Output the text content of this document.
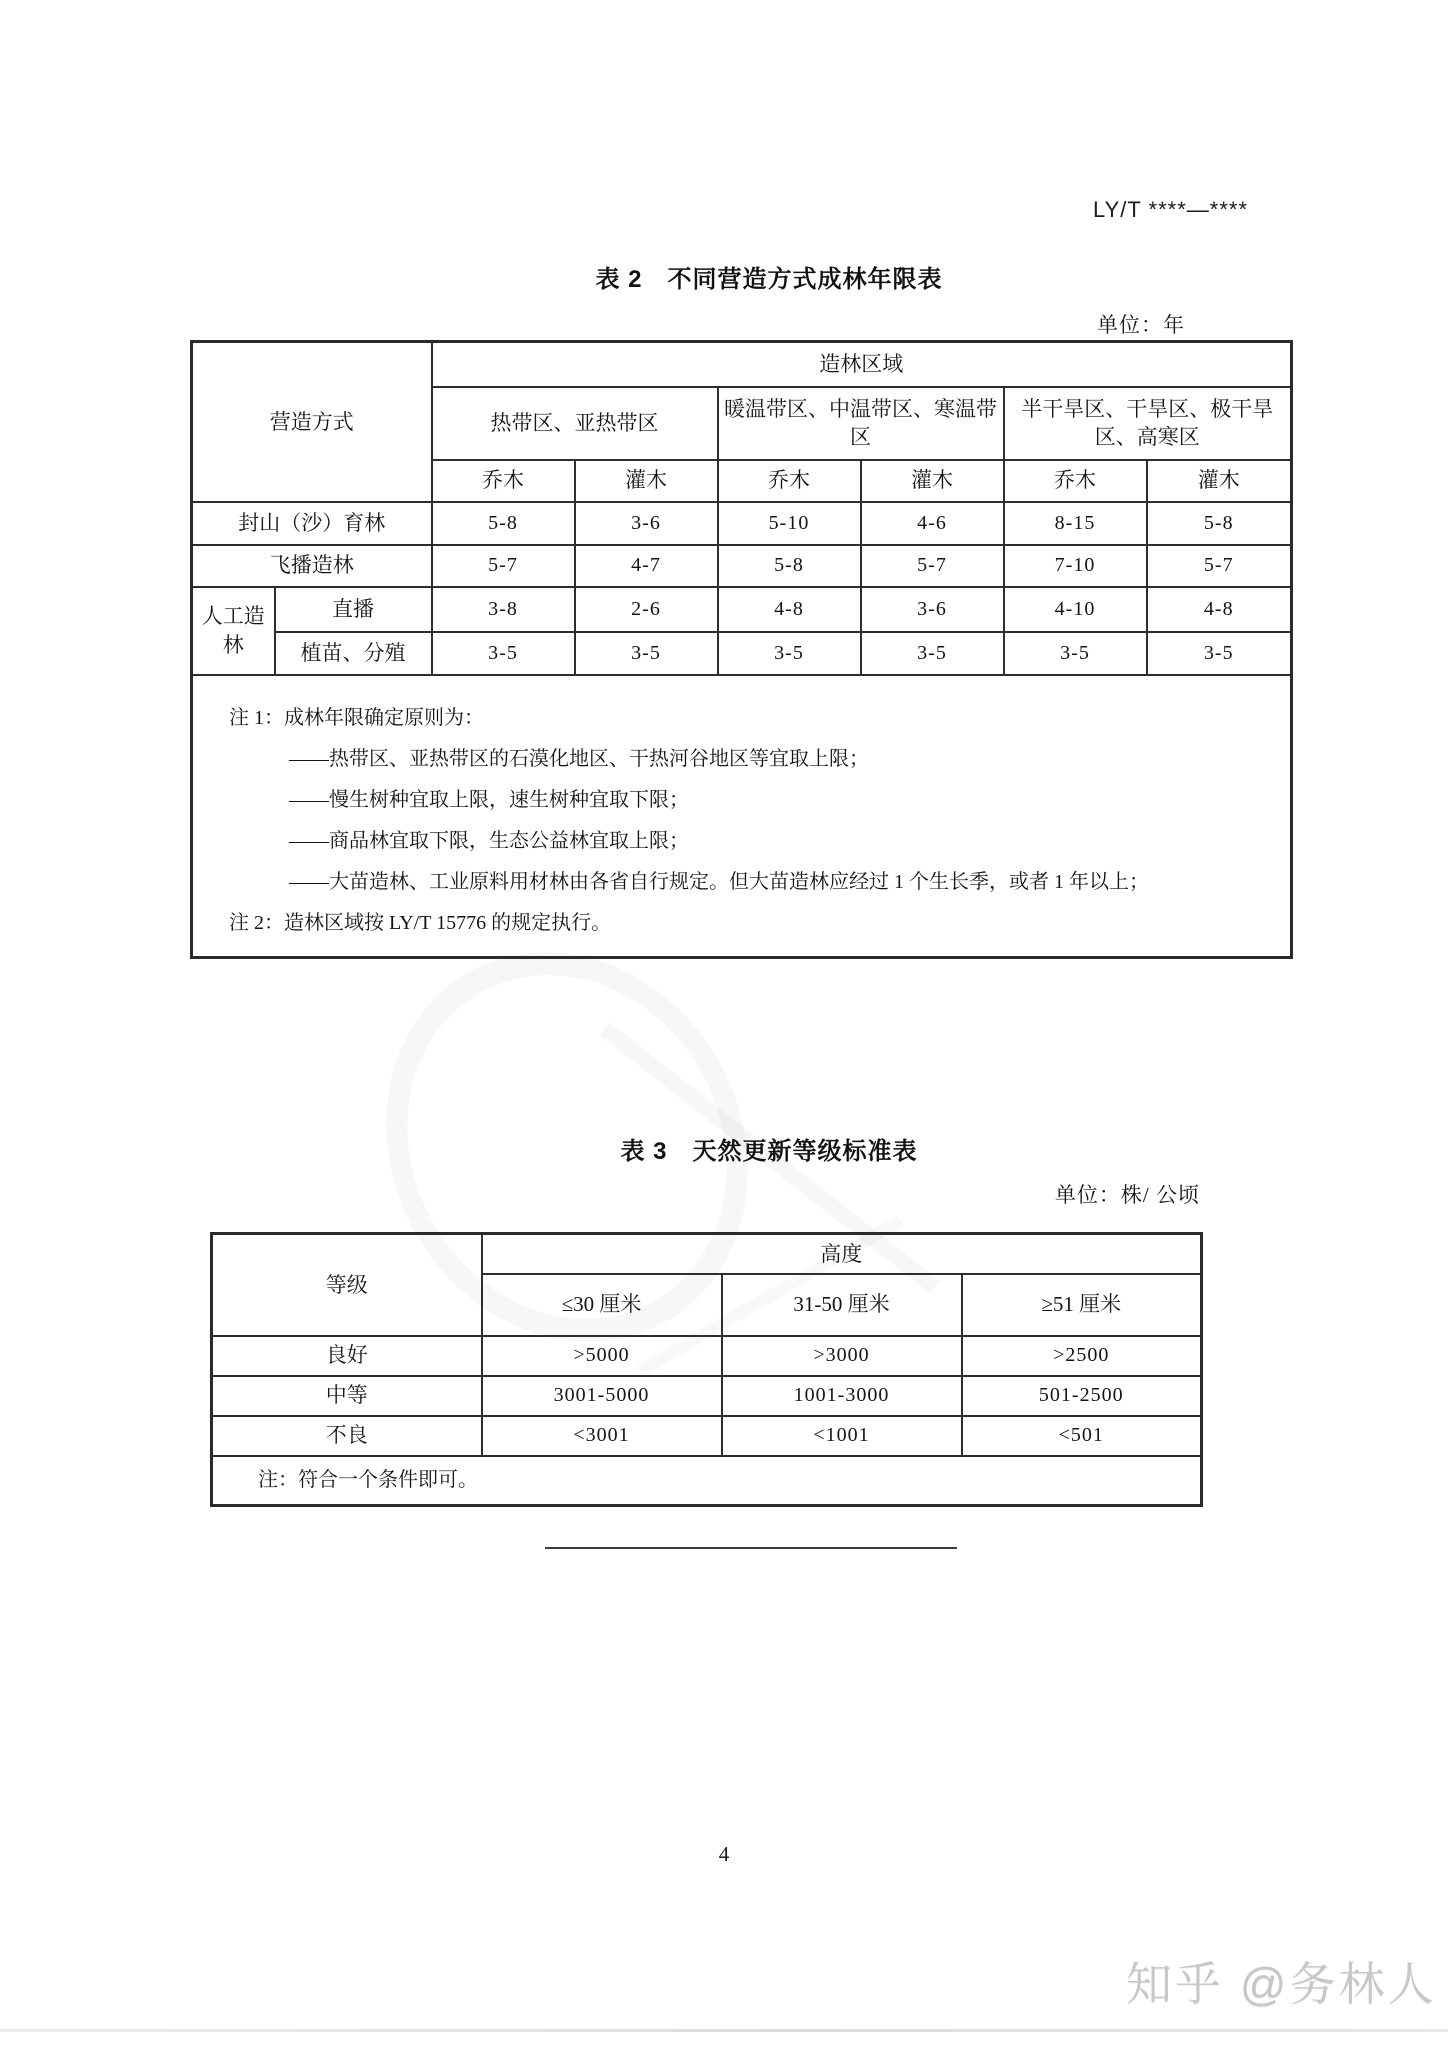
LY/T ****—****
表 2　不同营造方式成林年限表
单位：年
营造方式		造林区域					
		热带区、亚热带区		暖温带区、中温带区、寒温带区		半干旱区、干旱区、极干旱区、高寒区	
		乔木	灌木	乔木	灌木	乔木	灌木
封山（沙）育林		5-8	3-6	5-10	4-6	8-15	5-8
飞播造林		5-7	4-7	5-8	5-7	7-10	5-7
人工造林	直播	3-8	2-6	4-8	3-6	4-10	4-8
	植苗、分殖	3-5	3-5	3-5	3-5	3-5	3-5

注 1：成林年限确定原则为：
——热带区、亚热带区的石漠化地区、干热河谷地区等宜取上限；
——慢生树种宜取上限，速生树种宜取下限；
——商品林宜取下限，生态公益林宜取上限；
——大苗造林、工业原料用材林由各省自行规定。但大苗造林应经过 1 个生长季，或者 1 年以上；
注 2：造林区域按 LY/T 15776 的规定执行。
表 3　天然更新等级标准表
单位：株/ 公顷
等级	高度		
	≤30 厘米	31-50 厘米	≥51 厘米
良好	>5000	>3000	>2500
中等	3001-5000	1001-3000	501-2500
不良	<3001	<1001	<501
注：符合一个条件即可。			
4
知乎 @务林人
